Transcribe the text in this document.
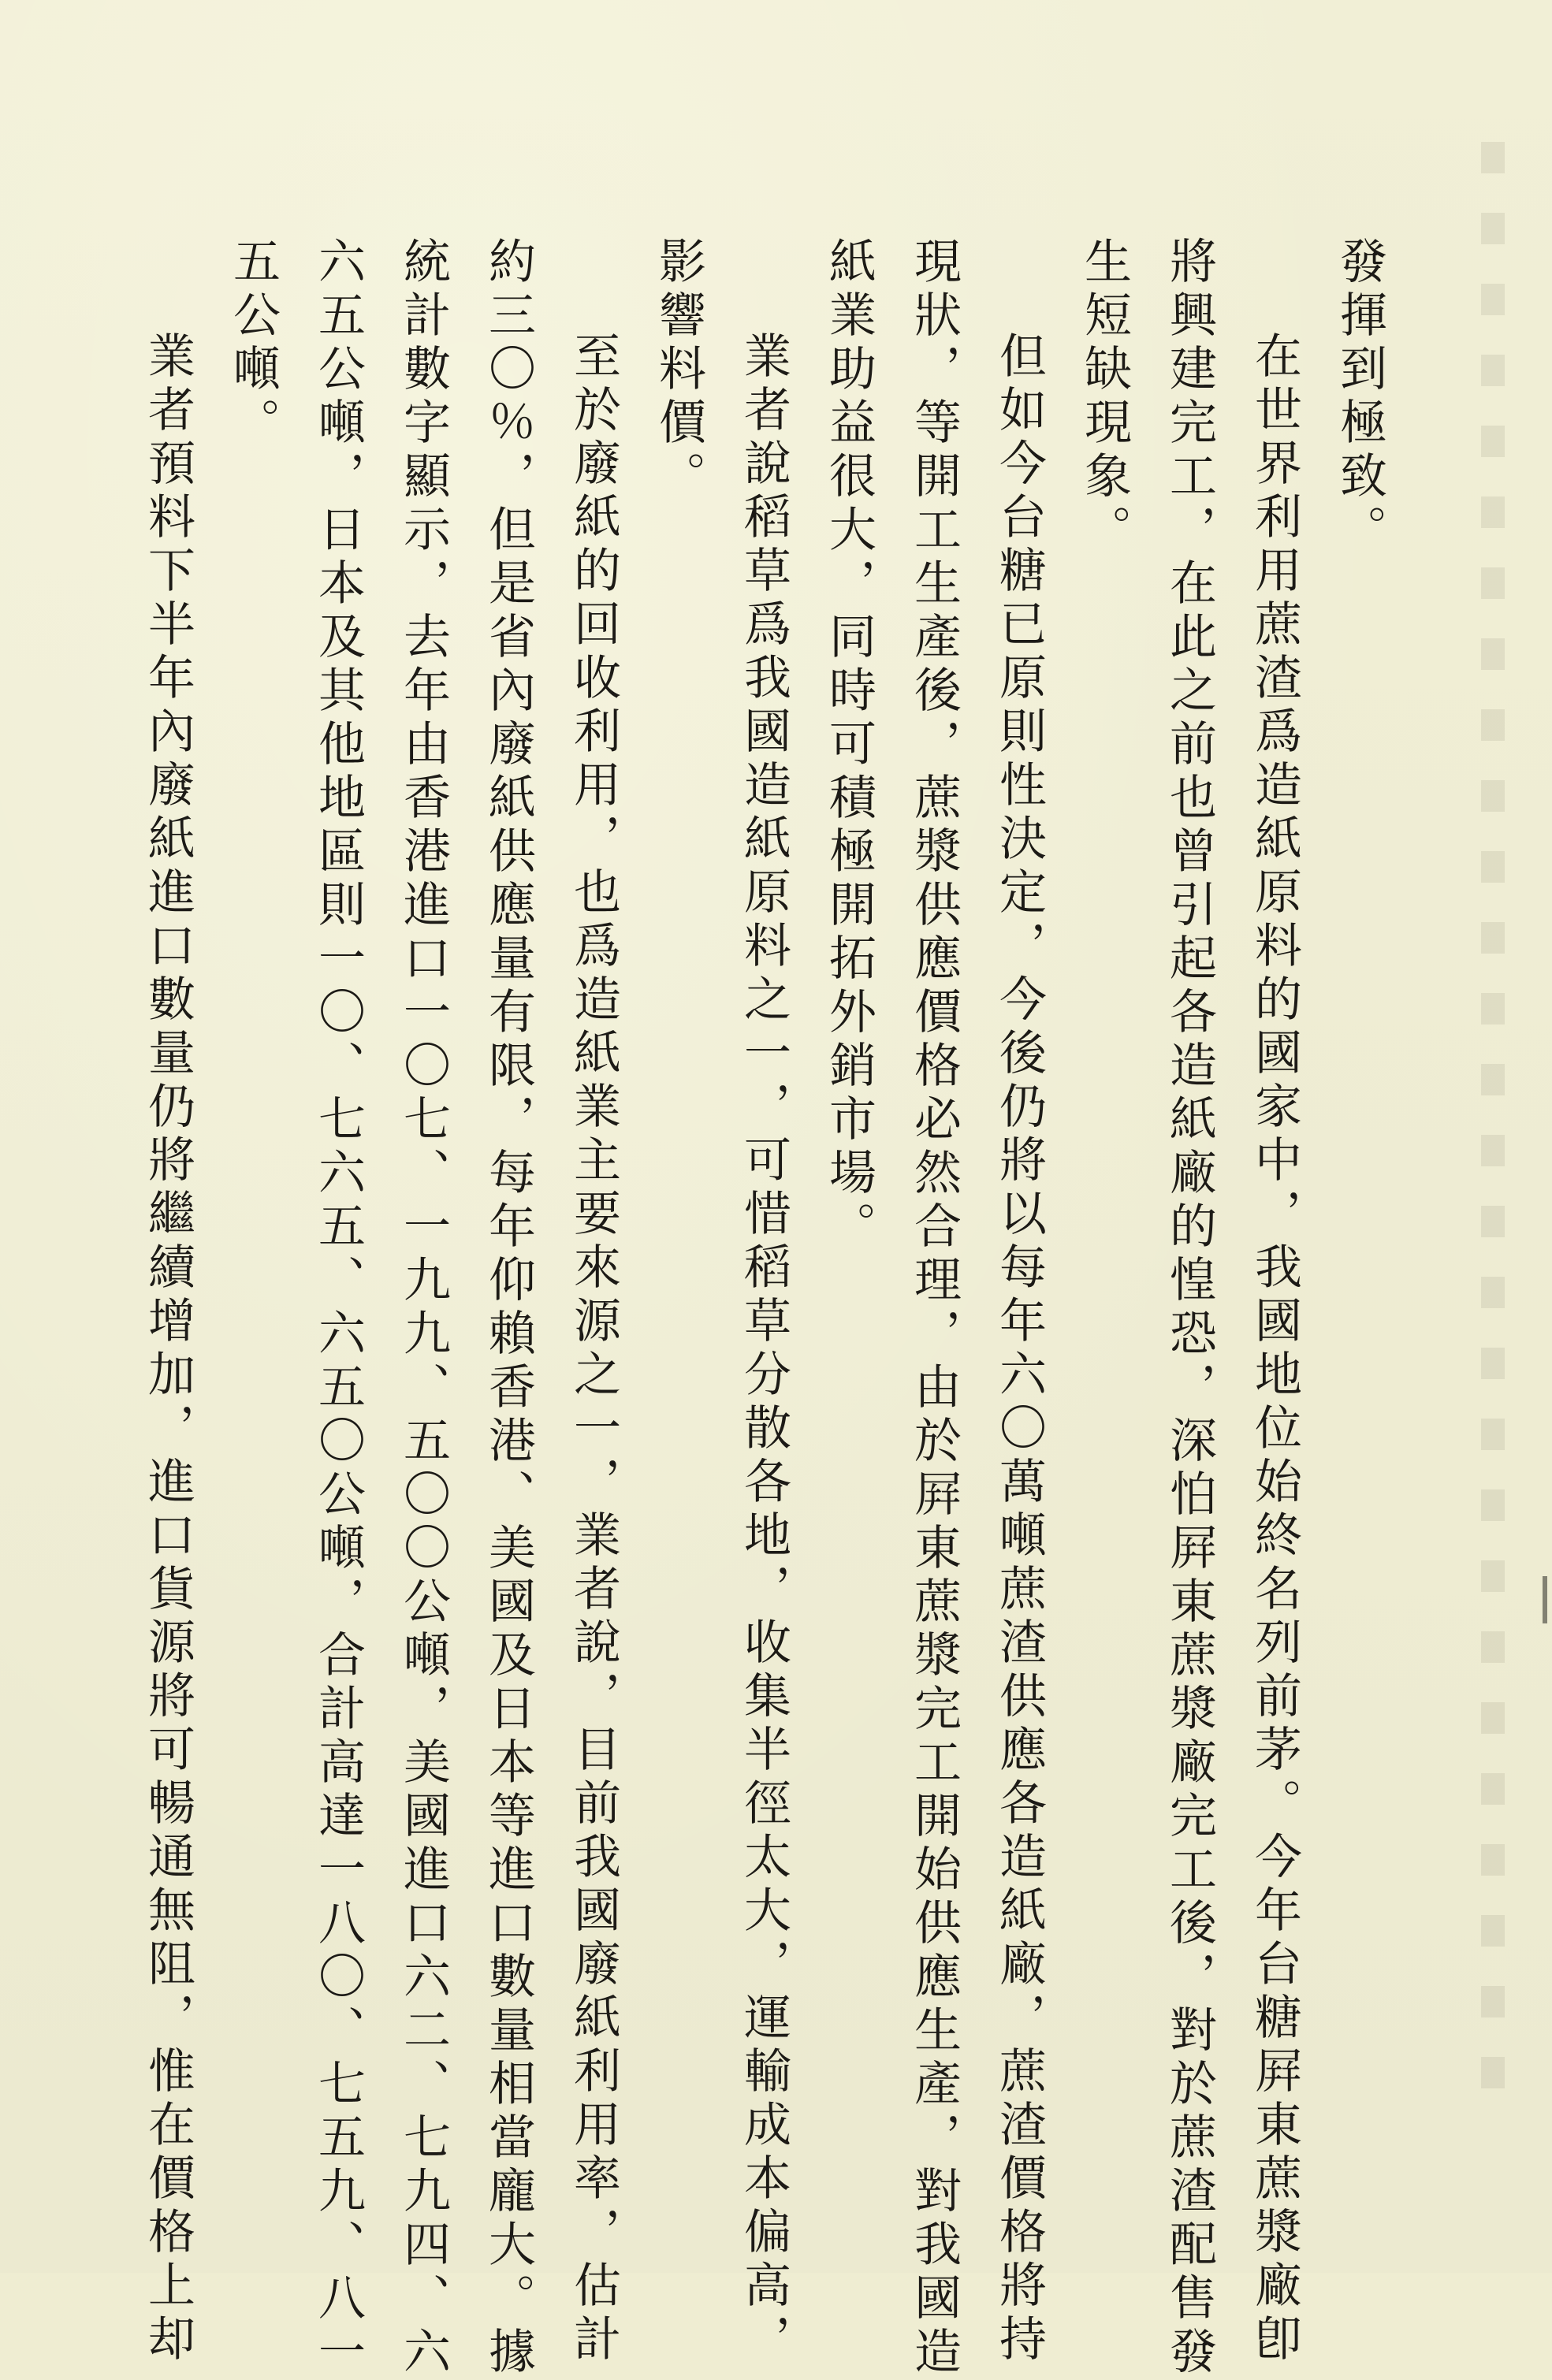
發揮到極致。

在世界利用蔗渣爲造紙原料的國家中，我國地位始終名列前茅。今年台糖屛東蔗漿廠卽

將興建完工，在此之前也曾引起各造紙廠的惶恐，深怕屛東蔗漿廠完工後，對於蔗渣配售發

生短缺現象。

但如今台糖已原則性決定，今後仍將以每年六〇萬噸蔗渣供應各造紙廠，蔗渣價格將持

現狀，等開工生產後，蔗漿供應價格必然合理，由於屛東蔗漿完工開始供應生產，對我國造

紙業助益很大，同時可積極開拓外銷市場。

業者說稻草爲我國造紙原料之一，可惜稻草分散各地，收集半徑太大，運輸成本偏高，

影響料價。

至於廢紙的回收利用，也爲造紙業主要來源之一，業者說，目前我國廢紙利用率，估計

約三〇％，但是省內廢紙供應量有限，每年仰賴香港、美國及日本等進口數量相當龐大。據

統計數字顯示，去年由香港進口一〇七、一九九、五〇〇公噸，美國進口六二、七九四、六

六五公噸，日本及其他地區則一〇、七六五、六五〇公噸，合計高達一八〇、七五九、八一

五公噸。

業者預料下半年內廢紙進口數量仍將繼續增加，進口貨源將可暢通無阻，惟在價格上却
